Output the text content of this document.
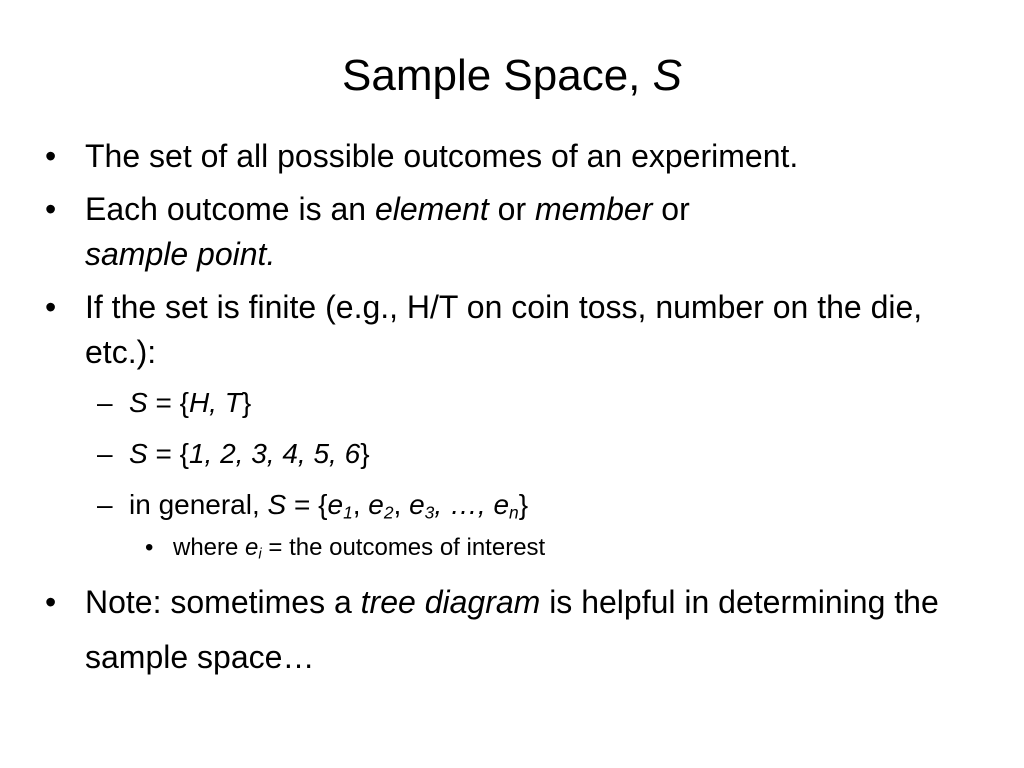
Sample Space, S
• The set of all possible outcomes of an experiment.
• Each outcome is an element or member or
sample point.
• If the set is finite (e.g., H/T on coin toss, number on the die, etc.):
– S = {H, T}
– S = {1, 2, 3, 4, 5, 6}
– in general, $S = \{e_1$, $e_2$, $e_3$, …, $e_n$}
• where $e_i$ = the outcomes of interest
• Note: sometimes a tree diagram is helpful in determining the sample space…
